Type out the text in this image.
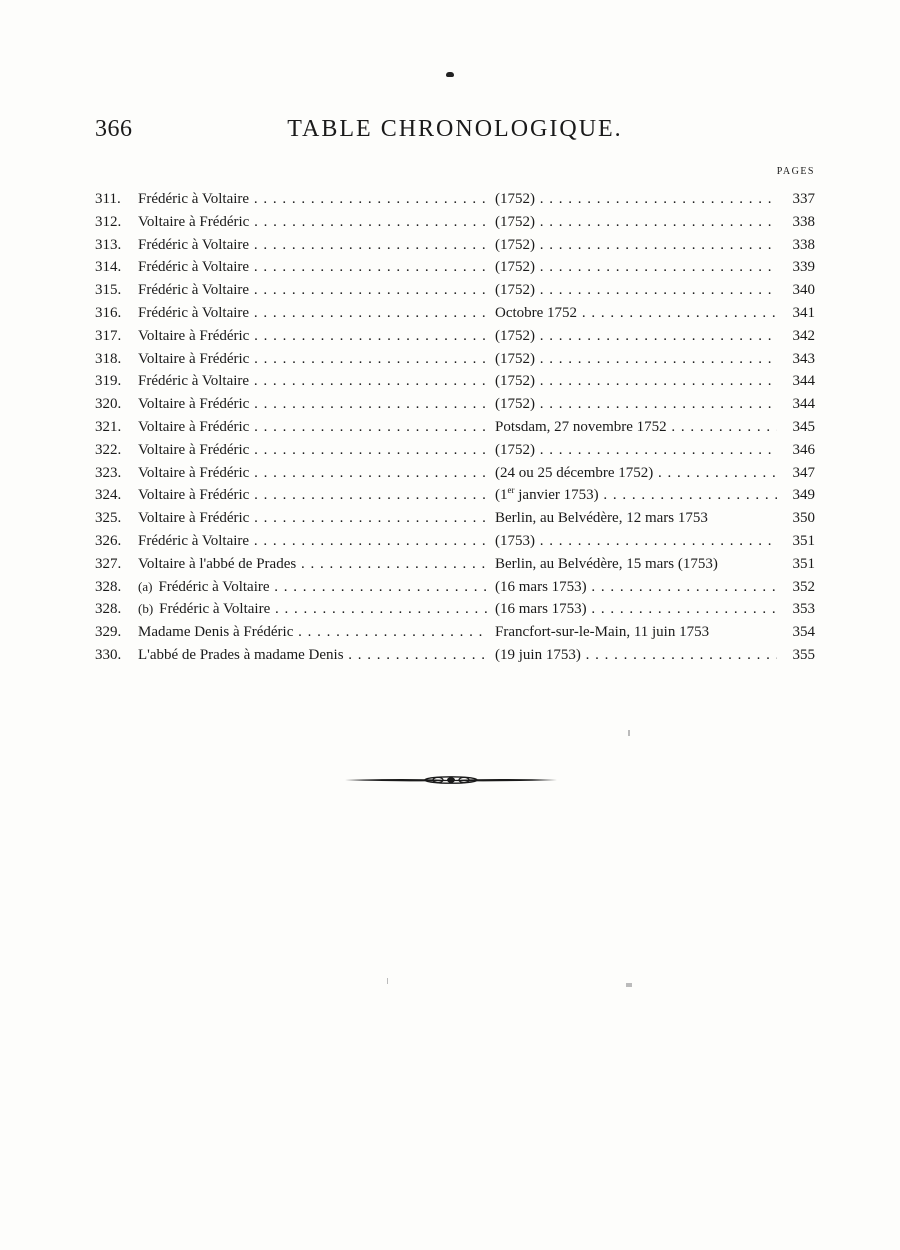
366	TABLE CHRONOLOGIQUE.
PAGES
311. Frédéric à Voltaire . . .	(1752) . . .	337
312. Voltaire à Frédéric . . .	(1752) . . .	338
313. Frédéric à Voltaire . . .	(1752) . . .	338
314. Frédéric à Voltaire . . .	(1752) . . .	339
315. Frédéric à Voltaire . . .	(1752) . . .	340
316. Frédéric à Voltaire . . .	Octobre 1752 . . .	341
317. Voltaire à Frédéric . . .	(1752) . . .	342
318. Voltaire à Frédéric . . .	(1752) . . .	343
319. Frédéric à Voltaire . . .	(1752) . . .	344
320. Voltaire à Frédéric . . .	(1752) . . .	344
321. Voltaire à Frédéric . . .	Potsdam, 27 novembre 1752 . . .	345
322. Voltaire à Frédéric . . .	(1752) . . .	346
323. Voltaire à Frédéric . . .	(24 ou 25 décembre 1752) . . .	347
324. Voltaire à Frédéric . . .	(1er janvier 1753) . . .	349
325. Voltaire à Frédéric . . .	Berlin, au Belvédère, 12 mars 1753	350
326. Frédéric à Voltaire . . .	(1753) . . .	351
327. Voltaire à l'abbé de Prades . . .	Berlin, au Belvédère, 15 mars (1753)	351
328. (a) Frédéric à Voltaire . . .	(16 mars 1753) . . .	352
328. (b) Frédéric à Voltaire . . .	(16 mars 1753) . . .	353
329. Madame Denis à Frédéric . . .	Francfort-sur-le-Main, 11 juin 1753	354
330. L'abbé de Prades à madame Denis . . .	(19 juin 1753) . . .	355
